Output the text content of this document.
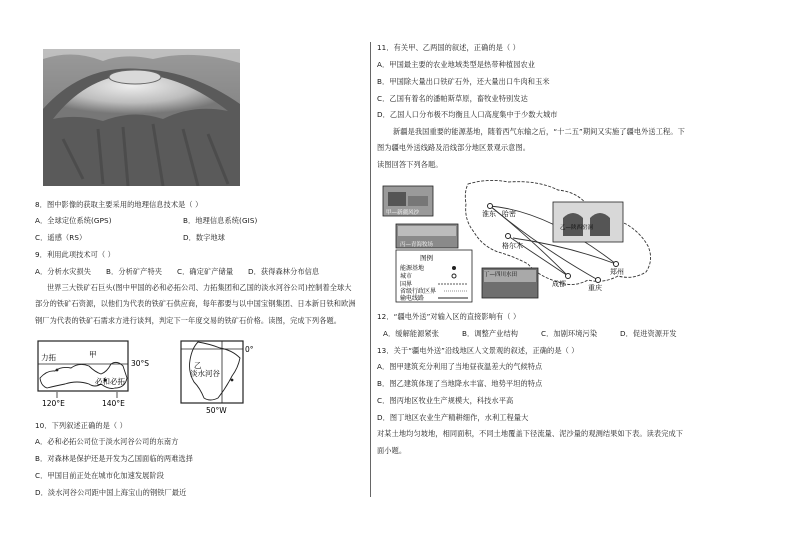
8．图中影像的获取主要采用的地理信息技术是（ ）
A．全球定位系统(GPS)	B．地理信息系统(GIS)
C．遥感（RS）	D．数字地球
9．利用此项技术可（ ）
A．分析水灾损失 B．分析矿产特夹 C．确定矿产储量 D．获得森林分布信息
世界三大铁矿石巨头(图中甲国的必和必拓公司、力拓集团和乙国的淡水河谷公司)控制着全球大
部分的铁矿石资源，以他们为代表的铁矿石供应商，每年都要与以中国宝钢集团、日本新日铁和欧洲
钢厂为代表的铁矿石需求方进行谈判，判定下一年度交易的铁矿石价格。读图，完成下列各题。
力拓	甲
必和必拓
30°S
120°E	140°E
乙
淡水河谷
0°
50°W
10．下列叙述正确的是（ ）
A．必和必拓公司位于淡水河谷公司的东南方
B．对森林是保护还是开发为乙国面临的两难选择
C．甲国目前正处在城市化加速发展阶段
D．淡水河谷公司距中国上海宝山的钢铁厂最近
11．有关甲、乙两国的叙述，正确的是（ ）
A．甲国最主要的农业地域类型是热带种植园农业
B．甲国除大量出口铁矿石外，还大量出口牛肉和玉米
C．乙国有着名的潘帕斯草原，畜牧业特别发达
D．乙国人口分布极不均衡且人口高度集中于少数大城市
新疆是我国重要的能源基地，随着西气东输之后，“十二五”期间又实施了疆电外送工程。下
图为疆电外送线路及沿线部分地区景观示意图。
读图回答下列各题。
淮东 哈密
格尔木
成都	重庆
郑州
甲—新疆风沙
乙—陕西窑洞
丙—青海牧场
图例
能源基地
城市
国界
省级行政区界
输电线路
丁—四川水田
12．“疆电外送”对输入区的直接影响有（ ）
A．缓解能源紧张	B．调整产业结构	C．加剧环境污染	D．促进资源开发
13．关于“疆电外送”沿线地区人文景观的叙述，正确的是（ ）
A．图甲建筑充分利用了当地昼夜温差大的气候特点
B．图乙建筑体现了当地降水丰富、地势平坦的特点
C．图丙地区牧业生产规模大，科技水平高
D．图丁地区农业生产精耕细作，水利工程量大
对某土地均匀坡地，相同面积，不同土地覆盖下径流量、泥沙量的观测结果如下表。读表完成下
面小题。
